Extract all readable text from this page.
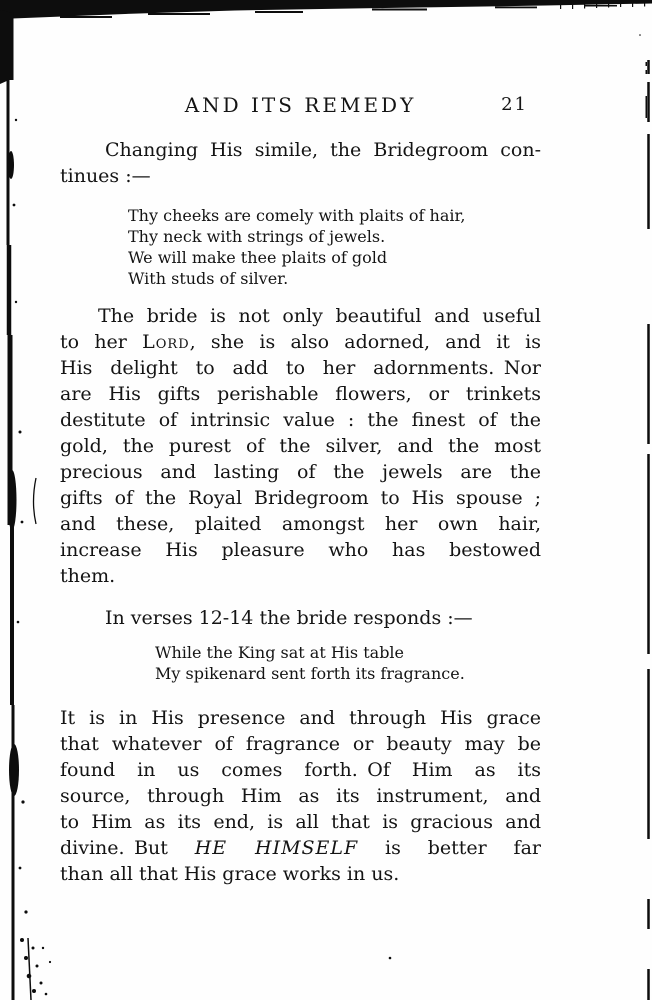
AND ITS REMEDY	21
Changing His simile, the Bridegroom con-
tinues :—
Thy cheeks are comely with plaits of hair,
Thy neck with strings of jewels.
We will make thee plaits of gold
With studs of silver.
The bride is not only beautiful and useful
to her Lord, she is also adorned, and it is
His delight to add to her adornments. Nor
are His gifts perishable flowers, or trinkets
destitute of intrinsic value : the finest of the
gold, the purest of the silver, and the most
precious and lasting of the jewels are the
gifts of the Royal Bridegroom to His spouse ;
and these, plaited amongst her own hair,
increase His pleasure who has bestowed
them.
In verses 12-14 the bride responds :—
While the King sat at His table
My spikenard sent forth its fragrance.
It is in His presence and through His grace
that whatever of fragrance or beauty may be
found in us comes forth. Of Him as its
source, through Him as its instrument, and
to Him as its end, is all that is gracious and
divine. But HE HIMSELF is better far
than all that His grace works in us.
